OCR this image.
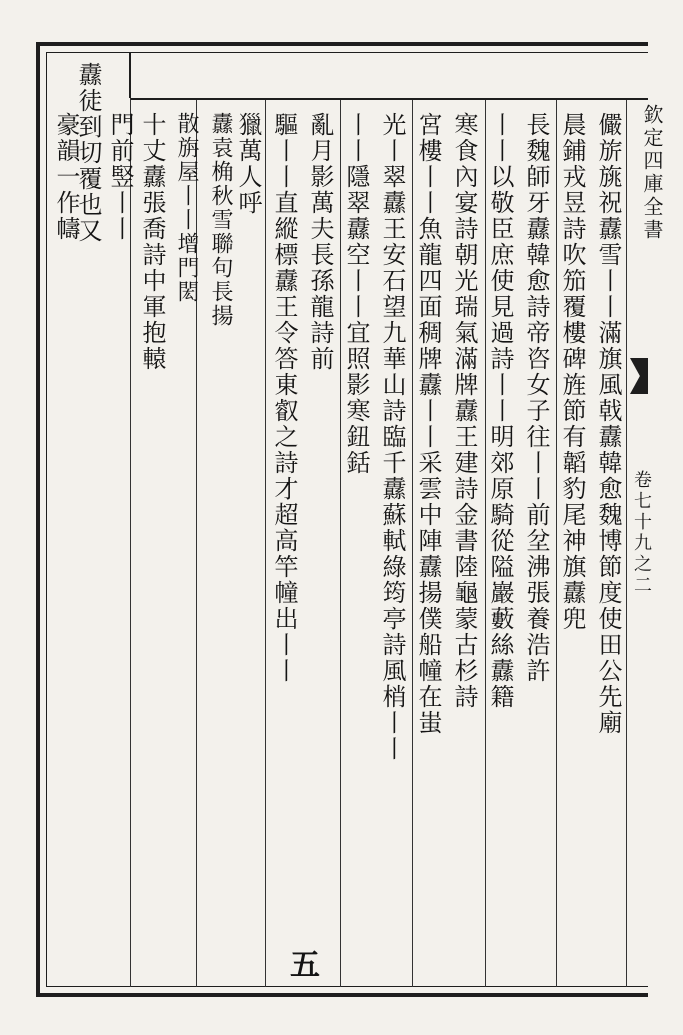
欽定四庫全書
卷七十九之二
儼旂旐祝纛雪丨丨滿旗風戟纛韓愈魏博節度使田公先廟
晨鋪戎昱詩吹笳覆樓碑旌節有韜豹尾神旗纛兜
長魏師牙纛韓愈詩帝咨女子往丨丨前坌沸張養浩許
丨丨以敬臣庶使見過詩丨丨明郊原騎從隘巖藪絲纛籍
寒食內宴詩朝光瑞氣滿牌纛王建詩金書陸龜蒙古杉詩
宮樓丨丨魚龍四面稠牌纛丨丨采雲中陣纛揚僕船幢在蚩
光丨翠纛王安石望九華山詩臨千纛蘇軾綠筠亭詩風梢丨丨
丨丨隱翠纛空丨丨宜照影寒鈕銛
亂月影萬夫長孫龍詩前
驅丨丨直縱標纛王令答東叡之詩才超高竿幢出丨丨
獵萬人呼
纛袁桷秋雪聯句長揚
散旃屋丨丨增門閎
十丈纛張喬詩中軍抱轅
門前竪丨丨
纛徒到切覆也又
豪韻一作幬
五
